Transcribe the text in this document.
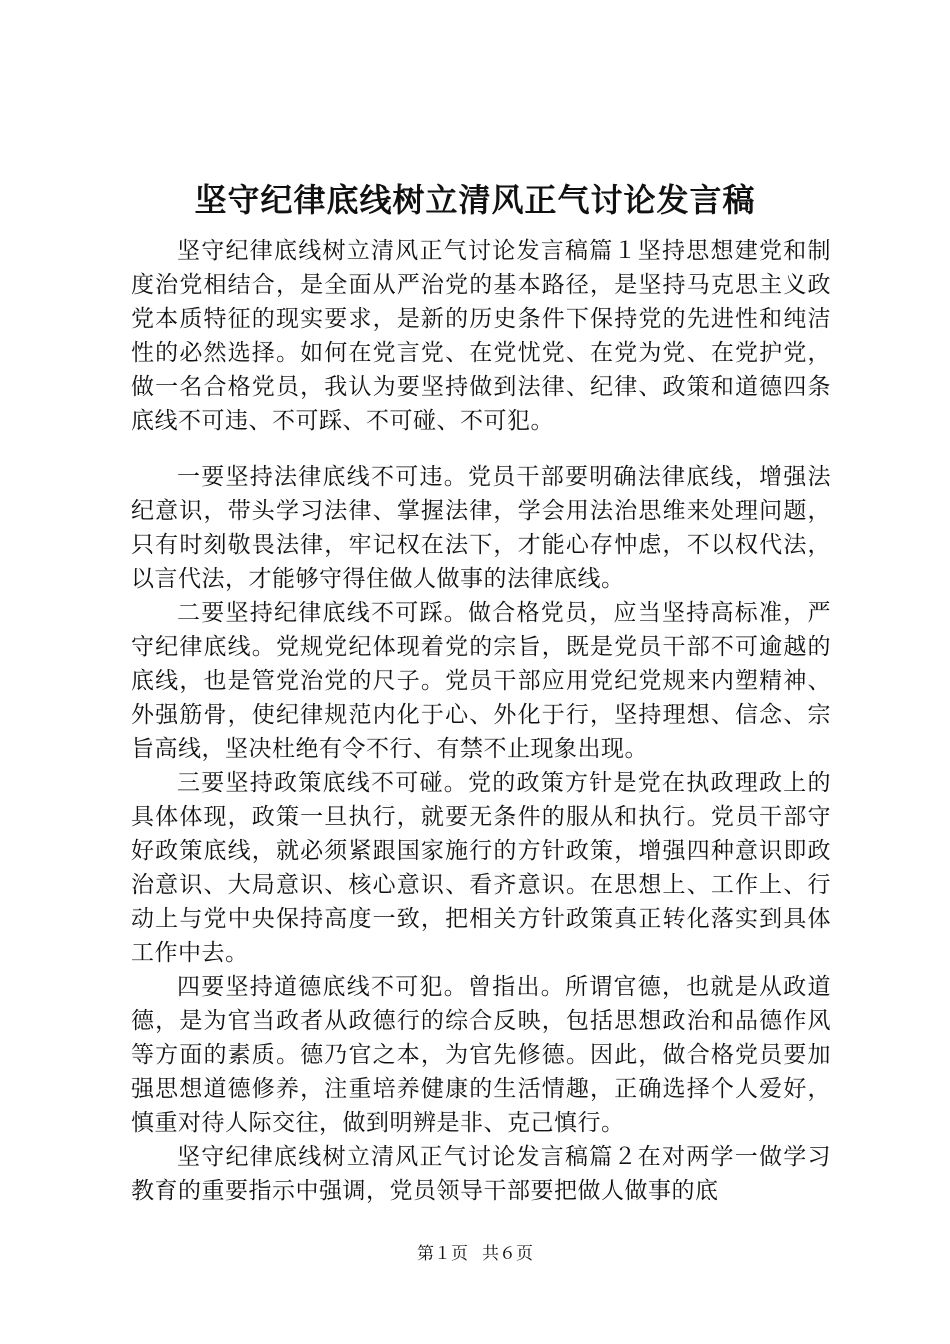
坚守纪律底线树立清风正气讨论发言稿

坚守纪律底线树立清风正气讨论发言稿篇１坚持思想建党和制度治党相结合，是全面从严治党的基本路径，是坚持马克思主义政党本质特征的现实要求，是新的历史条件下保持党的先进性和纯洁性的必然选择。如何在党言党、在党忧党、在党为党、在党护党，做一名合格党员，我认为要坚持做到法律、纪律、政策和道德四条底线不可违、不可踩、不可碰、不可犯。

一要坚持法律底线不可违。党员干部要明确法律底线，增强法纪意识，带头学习法律、掌握法律，学会用法治思维来处理问题，只有时刻敬畏法律，牢记权在法下，才能心存忡虑，不以权代法，以言代法，才能够守得住做人做事的法律底线。

二要坚持纪律底线不可踩。做合格党员，应当坚持高标准，严守纪律底线。党规党纪体现着党的宗旨，既是党员干部不可逾越的底线，也是管党治党的尺子。党员干部应用党纪党规来内塑精神、外强筋骨，使纪律规范内化于心、外化于行，坚持理想、信念、宗旨高线，坚决杜绝有令不行、有禁不止现象出现。

三要坚持政策底线不可碰。党的政策方针是党在执政理政上的具体体现，政策一旦执行，就要无条件的服从和执行。党员干部守好政策底线，就必须紧跟国家施行的方针政策，增强四种意识即政治意识、大局意识、核心意识、看齐意识。在思想上、工作上、行动上与党中央保持高度一致，把相关方针政策真正转化落实到具体工作中去。

四要坚持道德底线不可犯。曾指出。所谓官德，也就是从政道德，是为官当政者从政德行的综合反映，包括思想政治和品德作风等方面的素质。德乃官之本，为官先修德。因此，做合格党员要加强思想道德修养，注重培养健康的生活情趣，正确选择个人爱好，慎重对待人际交往，做到明辨是非、克己慎行。

坚守纪律底线树立清风正气讨论发言稿篇２在对两学一做学习教育的重要指示中强调，党员领导干部要把做人做事的底

第１页 共６页
